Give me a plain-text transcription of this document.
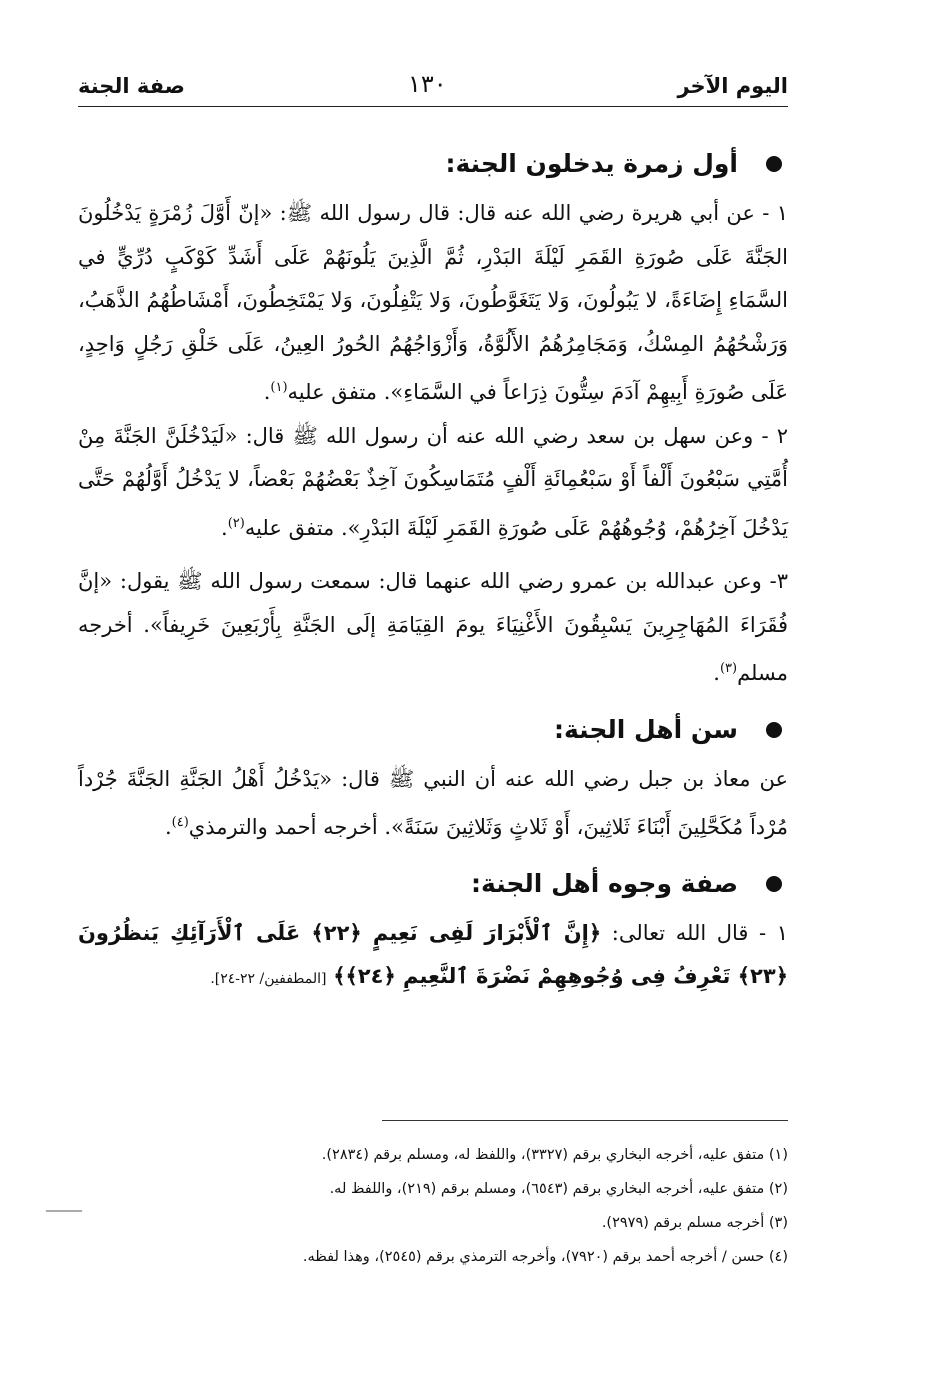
اليوم الآخر
١٣٠
صفة الجنة
أول زمرة يدخلون الجنة:

١ - عن أبي هريرة رضي الله عنه قال: قال رسول الله ﷺ: «إنّ أَوَّلَ زُمْرَةٍ يَدْخُلُونَ الجَنَّةَ عَلَى صُورَةِ القَمَرِ لَيْلَةَ البَدْرِ، ثُمَّ الَّذِينَ يَلُونَهُمْ عَلَى أَشَدِّ كَوْكَبٍ دُرِّيٍّ في السَّمَاءِ إِضَاءَةً، لا يَبُولُونَ، وَلا يَتَغَوَّطُونَ، وَلا يَتْفِلُونَ، وَلا يَمْتَخِطُونَ، أَمْشَاطُهُمُ الذَّهَبُ، وَرَشْحُهُمُ المِسْكُ، وَمَجَامِرُهُمُ الأَلُوَّةُ، وَأَزْوَاجُهُمُ الحُورُ العِينُ، عَلَى خَلْقِ رَجُلٍ وَاحِدٍ، عَلَى صُورَةِ أَبِيهِمْ آدَمَ سِتُّونَ ذِرَاعاً في السَّمَاءِ». متفق عليه$^{(١)}$.

٢ - وعن سهل بن سعد رضي الله عنه أن رسول الله ﷺ قال: «لَيَدْخُلَنَّ الجَنَّةَ مِنْ أُمَّتِي سَبْعُونَ أَلْفاً أَوْ سَبْعُمِائَةِ أَلْفٍ مُتَمَاسِكُونَ آخِذٌ بَعْضُهُمْ بَعْضاً، لا يَدْخُلُ أَوَّلُهُمْ حَتَّى يَدْخُلَ آخِرُهُمْ، وُجُوهُهُمْ عَلَى صُورَةِ القَمَرِ لَيْلَةَ البَدْرِ». متفق عليه$^{(٢)}$.

٣- وعن عبدالله بن عمرو رضي الله عنهما قال: سمعت رسول الله ﷺ يقول: «إنَّ فُقَرَاءَ المُهَاجِرِينَ يَسْبِقُونَ الأَغْنِيَاءَ يومَ القِيَامَةِ إلَى الجَنَّةِ بِأَرْبَعِينَ خَرِيفاً». أخرجه مسلم$^{(٣)}$.

سن أهل الجنة:

عن معاذ بن جبل رضي الله عنه أن النبي ﷺ قال: «يَدْخُلُ أَهْلُ الجَنَّةِ الجَنَّةَ جُرْداً مُرْداً مُكَحَّلِينَ أَبْنَاءَ ثَلاثِينَ، أَوْ ثَلاثٍ وَثَلاثِينَ سَنَةً». أخرجه أحمد والترمذي$^{(٤)}$.

صفة وجوه أهل الجنة:

١ - قال الله تعالى: ﴿إِنَّ ٱلْأَبْرَارَ لَفِى نَعِيمٍ ﴿٢٢﴾ عَلَى ٱلْأَرَآئِكِ يَنظُرُونَ ﴿٢٣﴾ تَعْرِفُ فِى وُجُوهِهِمْ نَضْرَةَ ٱلنَّعِيمِ ﴿٢٤﴾﴾ [المطففين/ ٢٢-٢٤].

(١) متفق عليه، أخرجه البخاري برقم (٣٣٢٧)، واللفظ له، ومسلم برقم (٢٨٣٤).
(٢) متفق عليه، أخرجه البخاري برقم (٦٥٤٣)، ومسلم برقم (٢١٩)، واللفظ له.
(٣) أخرجه مسلم برقم (٢٩٧٩).
(٤) حسن / أخرجه أحمد برقم (٧٩٢٠)، وأخرجه الترمذي برقم (٢٥٤٥)، وهذا لفظه.
